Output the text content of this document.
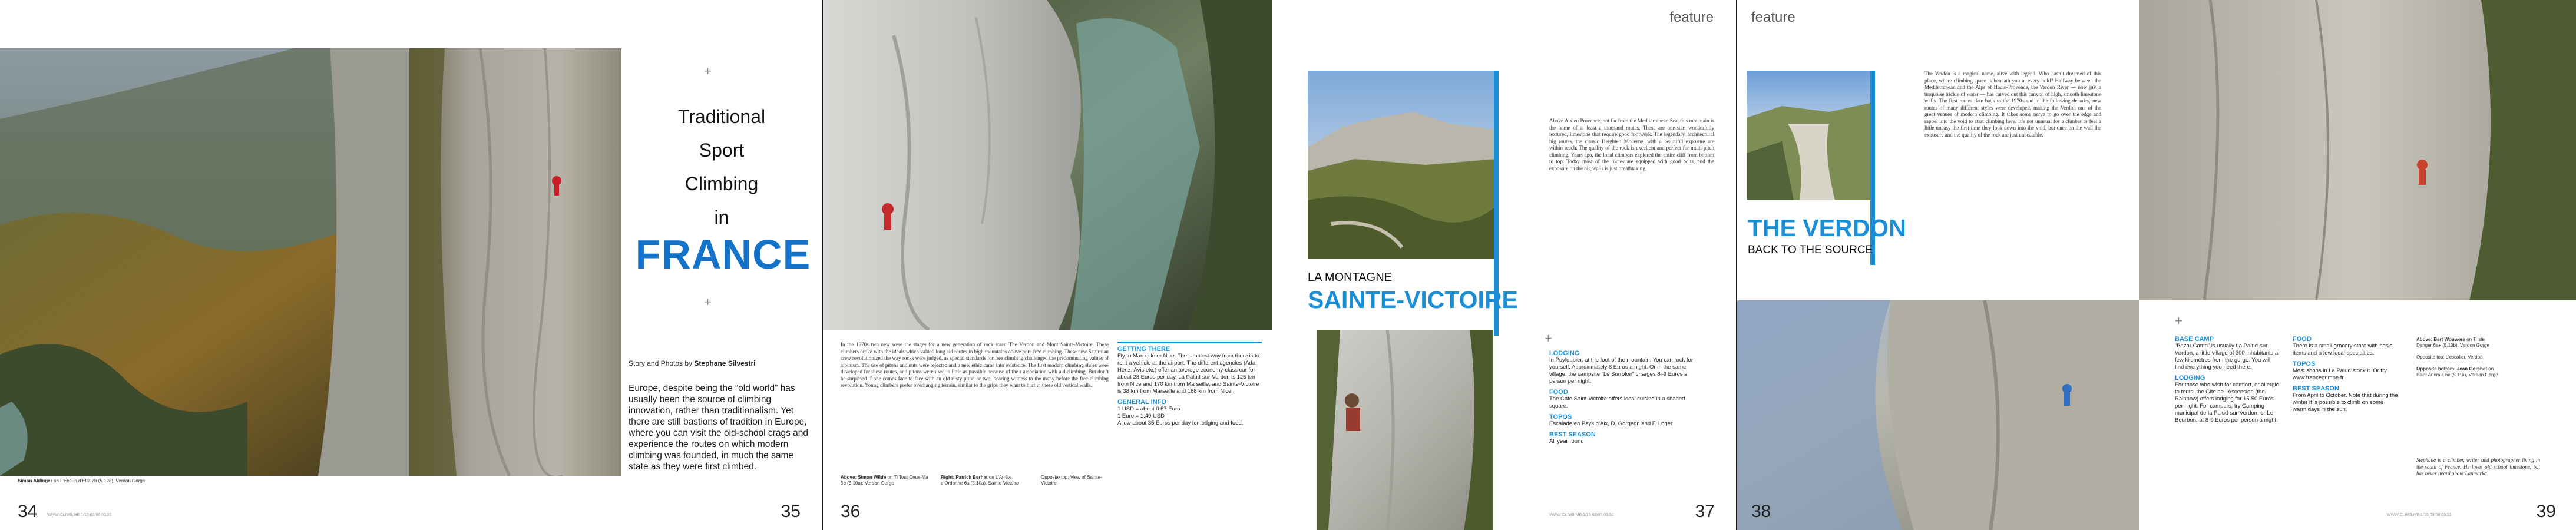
Simon Aldinger on L’Ecoup d’Etat 7b (5.12d), Verdon Gorge
34 WWW.CLIMB.ME 1/15 03/08 03:51
+
Traditional
Sport
Climbing
in
FRANCE
+
Story and Photos by Stephane Silvestri
Europe, despite being the “old world” has usually been the source of climbing innovation, rather than traditionalism. Yet there are still bastions of tradition in Europe, where you can visit the old-school crags and experience the routes on which modern climbing was founded, in much the same state as they were first climbed.
35
In the 1970s two new were the stages for a new generation of rock stars: The Verdon and Mont Sainte-Victoire. These climbers broke with the ideals which valued long aid routes in high mountains above pure free climbing. These new Saturnian crew revolutionized the way rocks were judged, as special standards for free climbing challenged the predominating values of alpinism. The use of pitons and nuts were rejected and a new ethic came into existence. The first modern climbing shoes were developed for these routes, and pitons were used in little as possible because of their association with aid climbing. But don’t be surprised if one comes face to face with an old rusty piton or two, bearing witness to the many before the free-climbing revolution. Young climbers prefer overhanging terrain, similar to the grips they want to hurt in these old vertical walls.
GETTING THERE
Fly to Marseille or Nice. The simplest way from there is to rent a vehicle at the airport. The different agencies (Ada, Hertz, Avis etc.) offer an average economy-class car for about 28 Euros per day. La Palud-sur-Verdon is 126 km from Nice and 170 km from Marseille, and Sainte-Victoire is 38 km from Marseille and 188 km from Nice.
GENERAL INFO
1 USD = about 0.67 Euro
1 Euro = 1.49 USD
Allow about 35 Euros per day for lodging and food.
Above: Simon Wilde on Ti Tout Ceux-Ma 5b (5.10a), Verdon Gorge
Right: Patrick Berhet on L’Arrête d’Ordonne 6a (5.10a), Sainte-Victoire
Opposite top: View of Sainte-Victoire
36
feature
LA MONTAGNE
SAINTE-VICTOIRE
Above Aix en Provence, not far from the Mediterranean Sea, this mountain is the home of at least a thousand routes. These are one-star, wonderfully textured, limestone that require good footwork. The legendary, architectural big routes, the classic Heighten Moderne, with a beautiful exposure are within reach. The quality of the rock is excellent and perfect for multi-pitch climbing. Years ago, the local climbers explored the entire cliff from bottom to top. Today most of the routes are equipped with good bolts, and the exposure on the big walls is just breathtaking.
+
LODGING
In Puyloubier, at the foot of the mountain. You can rock for yourself. Approximately 8 Euros a night. Or in the same village, the campsite “Le Sorrolon” charges 8–9 Euros a person per night.
FOOD
The Cafe Saint-Victoire offers local cuisine in a shaded square.
TOPOS
Escalade en Pays d’Aix, D. Gorgeon and F. Loger
BEST SEASON
All year round
WWW.CLIMB.ME 1/15 03/08 03:51	37
feature
THE VERDON
BACK TO THE SOURCE
The Verdon is a magical name, alive with legend. Who hasn’t dreamed of this place, where climbing space is beneath you at every hold? Halfway between the Mediterranean and the Alps of Haute-Provence, the Verdon River — now just a turquoise trickle of water — has carved out this canyon of high, smooth limestone walls. The first routes date back to the 1970s and in the following decades, new routes of many different styles were developed, making the Verdon one of the great venues of modern climbing. It takes some nerve to go over the edge and rappel into the void to start climbing here. It’s not unusual for a climber to feel a little uneasy the first time they look down into the void, but once on the wall the exposure and the quality of the rock are just unbeatable.
38
+
BASE CAMP
“Bazar Camp” is usually La Palud-sur-Verdon, a little village of 300 inhabitants a few kilometres from the gorge. You will find everything you need there.
LODGING
For those who wish for comfort, or allergic to tents, the Gite de l’Ascension (the Rainbow) offers lodging for 15-50 Euros per night. For campers, try Camping municipal de la Palud-sur-Verdon, or Le Bourbon, at 8-9 Euros per person a night.
FOOD
There is a small grocery store with basic items and a few local specialties.
TOPOS
Most shops in La Palud stock it. Or try www.francegrimpe.fr
BEST SEASON
From April to October. Note that during the winter it is possible to climb on some warm days in the sun.
Above: Bert Wouwers on Triste Danger 6a+ (5.10b), Verdon Gorge
Opposite top: L’escalier, Verdon
Opposite bottom: Jean Gorchet on Pilier Anemia 6c (5.11a), Verdon Gorge
Stephane is a climber, writer and photographer living in the south of France. He loves old school limestone, but has never heard about Lanmarka.
WWW.CLIMB.ME 1/15 03/08 03:51	39
